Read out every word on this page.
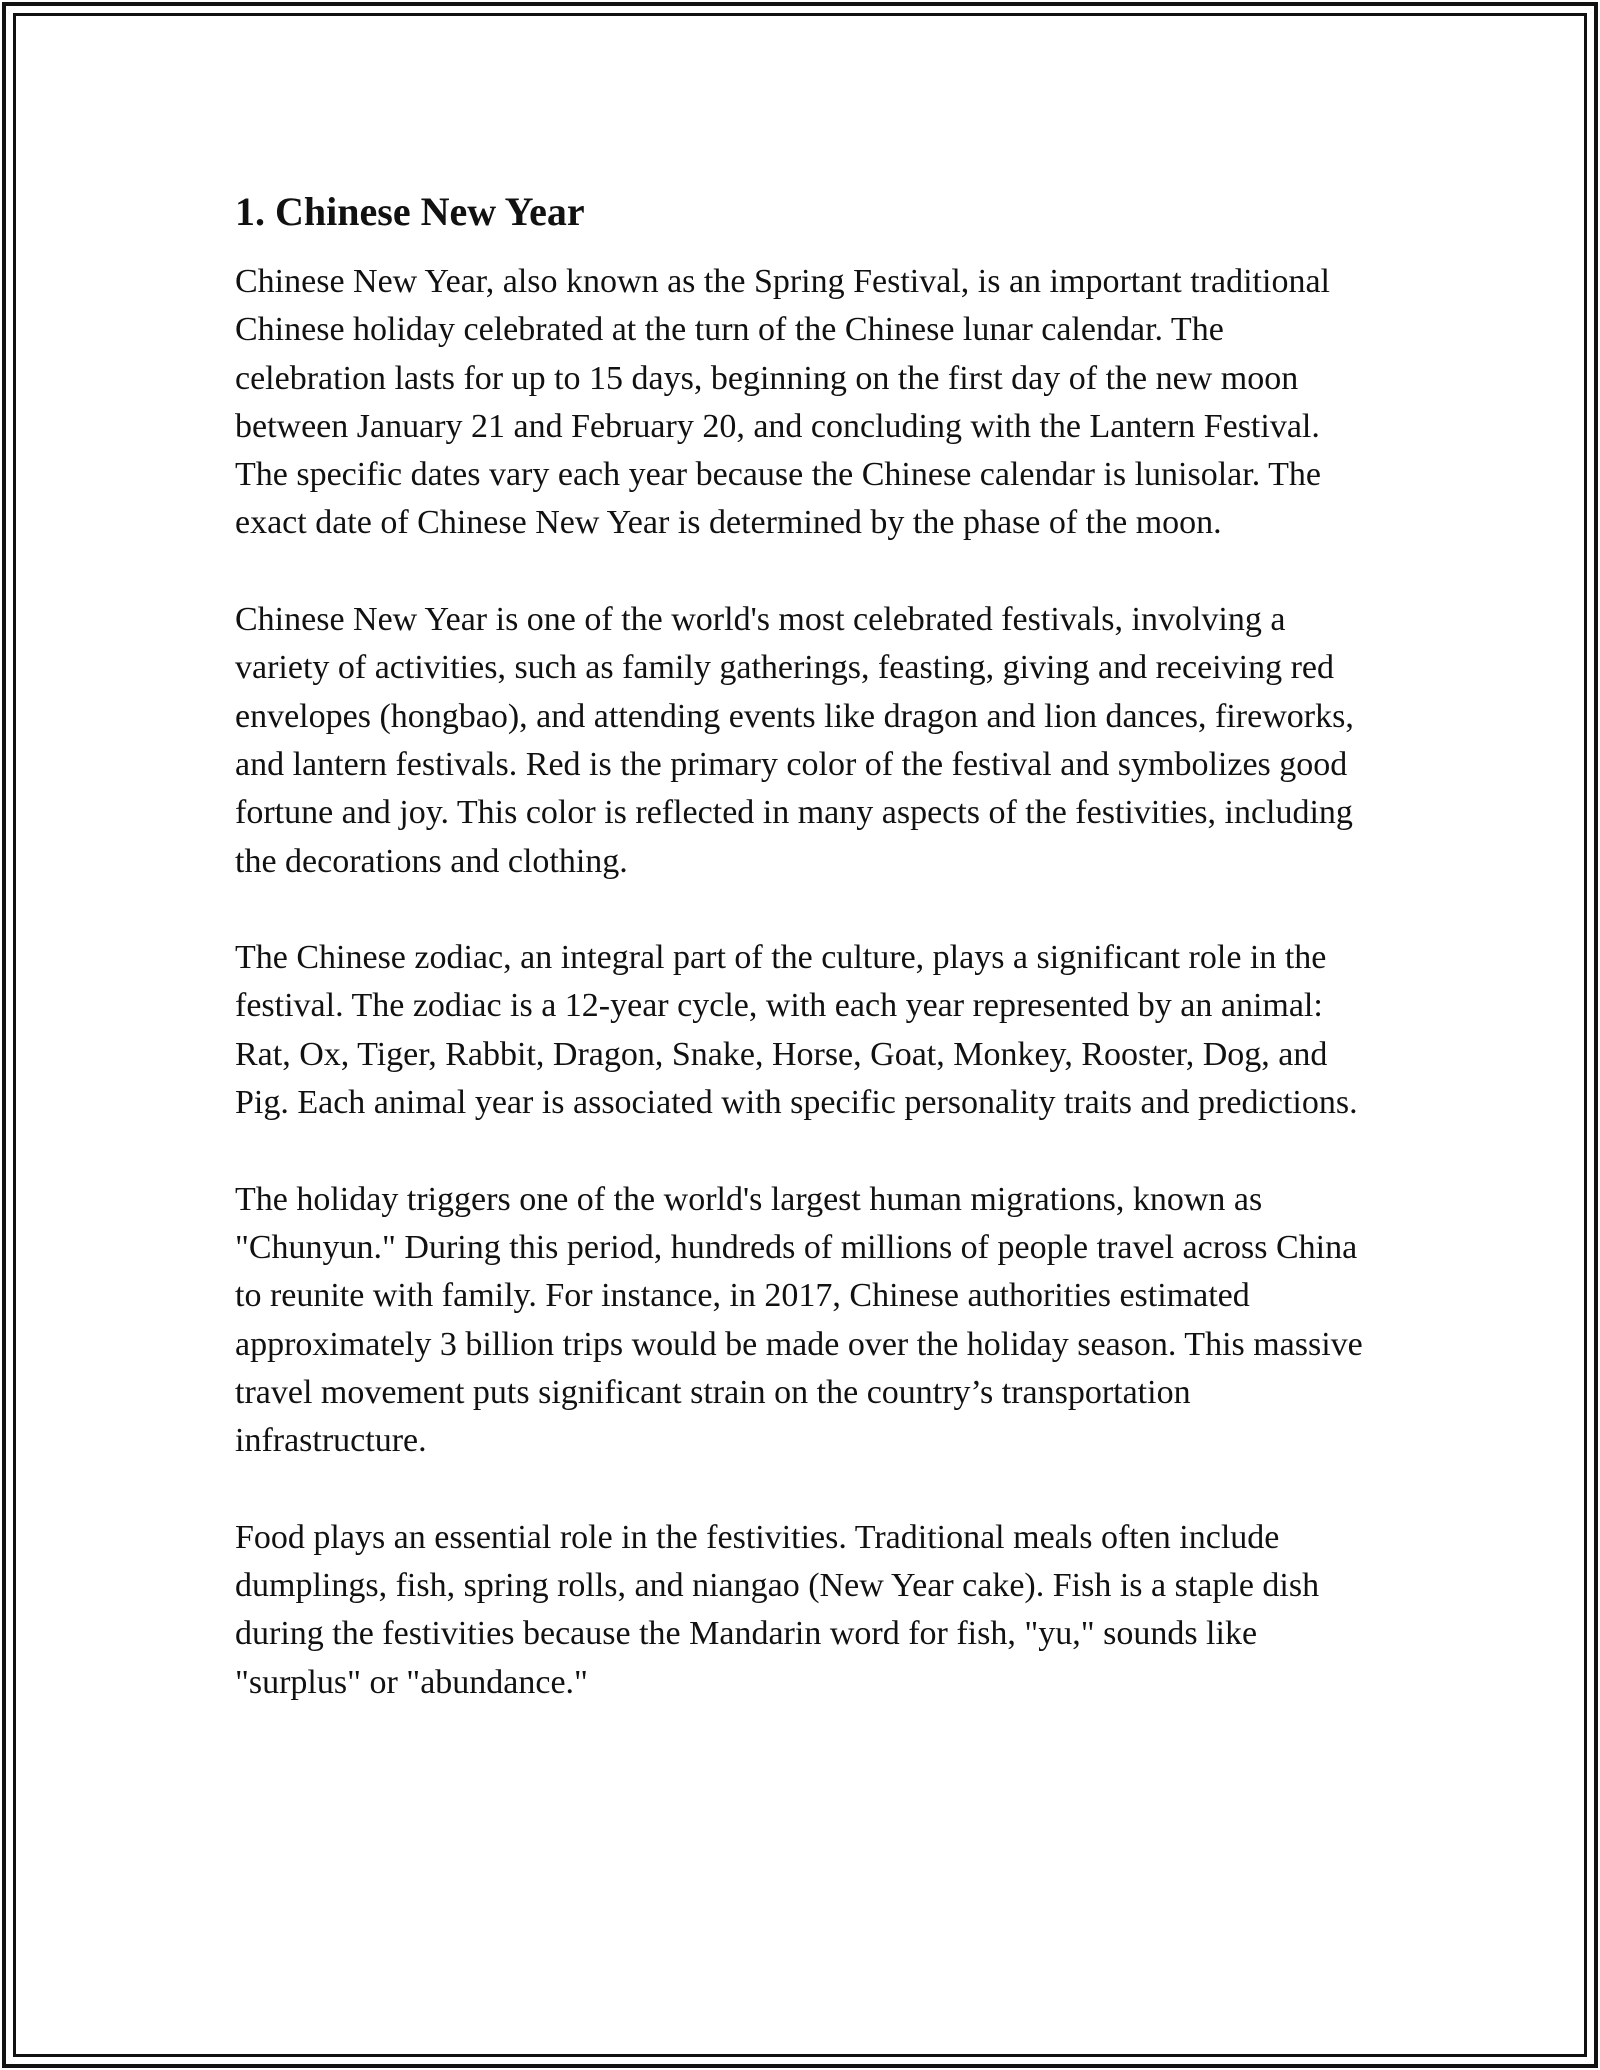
1. Chinese New Year

Chinese New Year, also known as the Spring Festival, is an important traditional Chinese holiday celebrated at the turn of the Chinese lunar calendar. The celebration lasts for up to 15 days, beginning on the first day of the new moon between January 21 and February 20, and concluding with the Lantern Festival. The specific dates vary each year because the Chinese calendar is lunisolar. The exact date of Chinese New Year is determined by the phase of the moon.

Chinese New Year is one of the world's most celebrated festivals, involving a variety of activities, such as family gatherings, feasting, giving and receiving red envelopes (hongbao), and attending events like dragon and lion dances, fireworks, and lantern festivals. Red is the primary color of the festival and symbolizes good fortune and joy. This color is reflected in many aspects of the festivities, including the decorations and clothing.

The Chinese zodiac, an integral part of the culture, plays a significant role in the festival. The zodiac is a 12-year cycle, with each year represented by an animal: Rat, Ox, Tiger, Rabbit, Dragon, Snake, Horse, Goat, Monkey, Rooster, Dog, and Pig. Each animal year is associated with specific personality traits and predictions.

The holiday triggers one of the world's largest human migrations, known as "Chunyun." During this period, hundreds of millions of people travel across China to reunite with family. For instance, in 2017, Chinese authorities estimated approximately 3 billion trips would be made over the holiday season. This massive travel movement puts significant strain on the country’s transportation infrastructure.

Food plays an essential role in the festivities. Traditional meals often include dumplings, fish, spring rolls, and niangao (New Year cake). Fish is a staple dish during the festivities because the Mandarin word for fish, "yu," sounds like "surplus" or "abundance."
